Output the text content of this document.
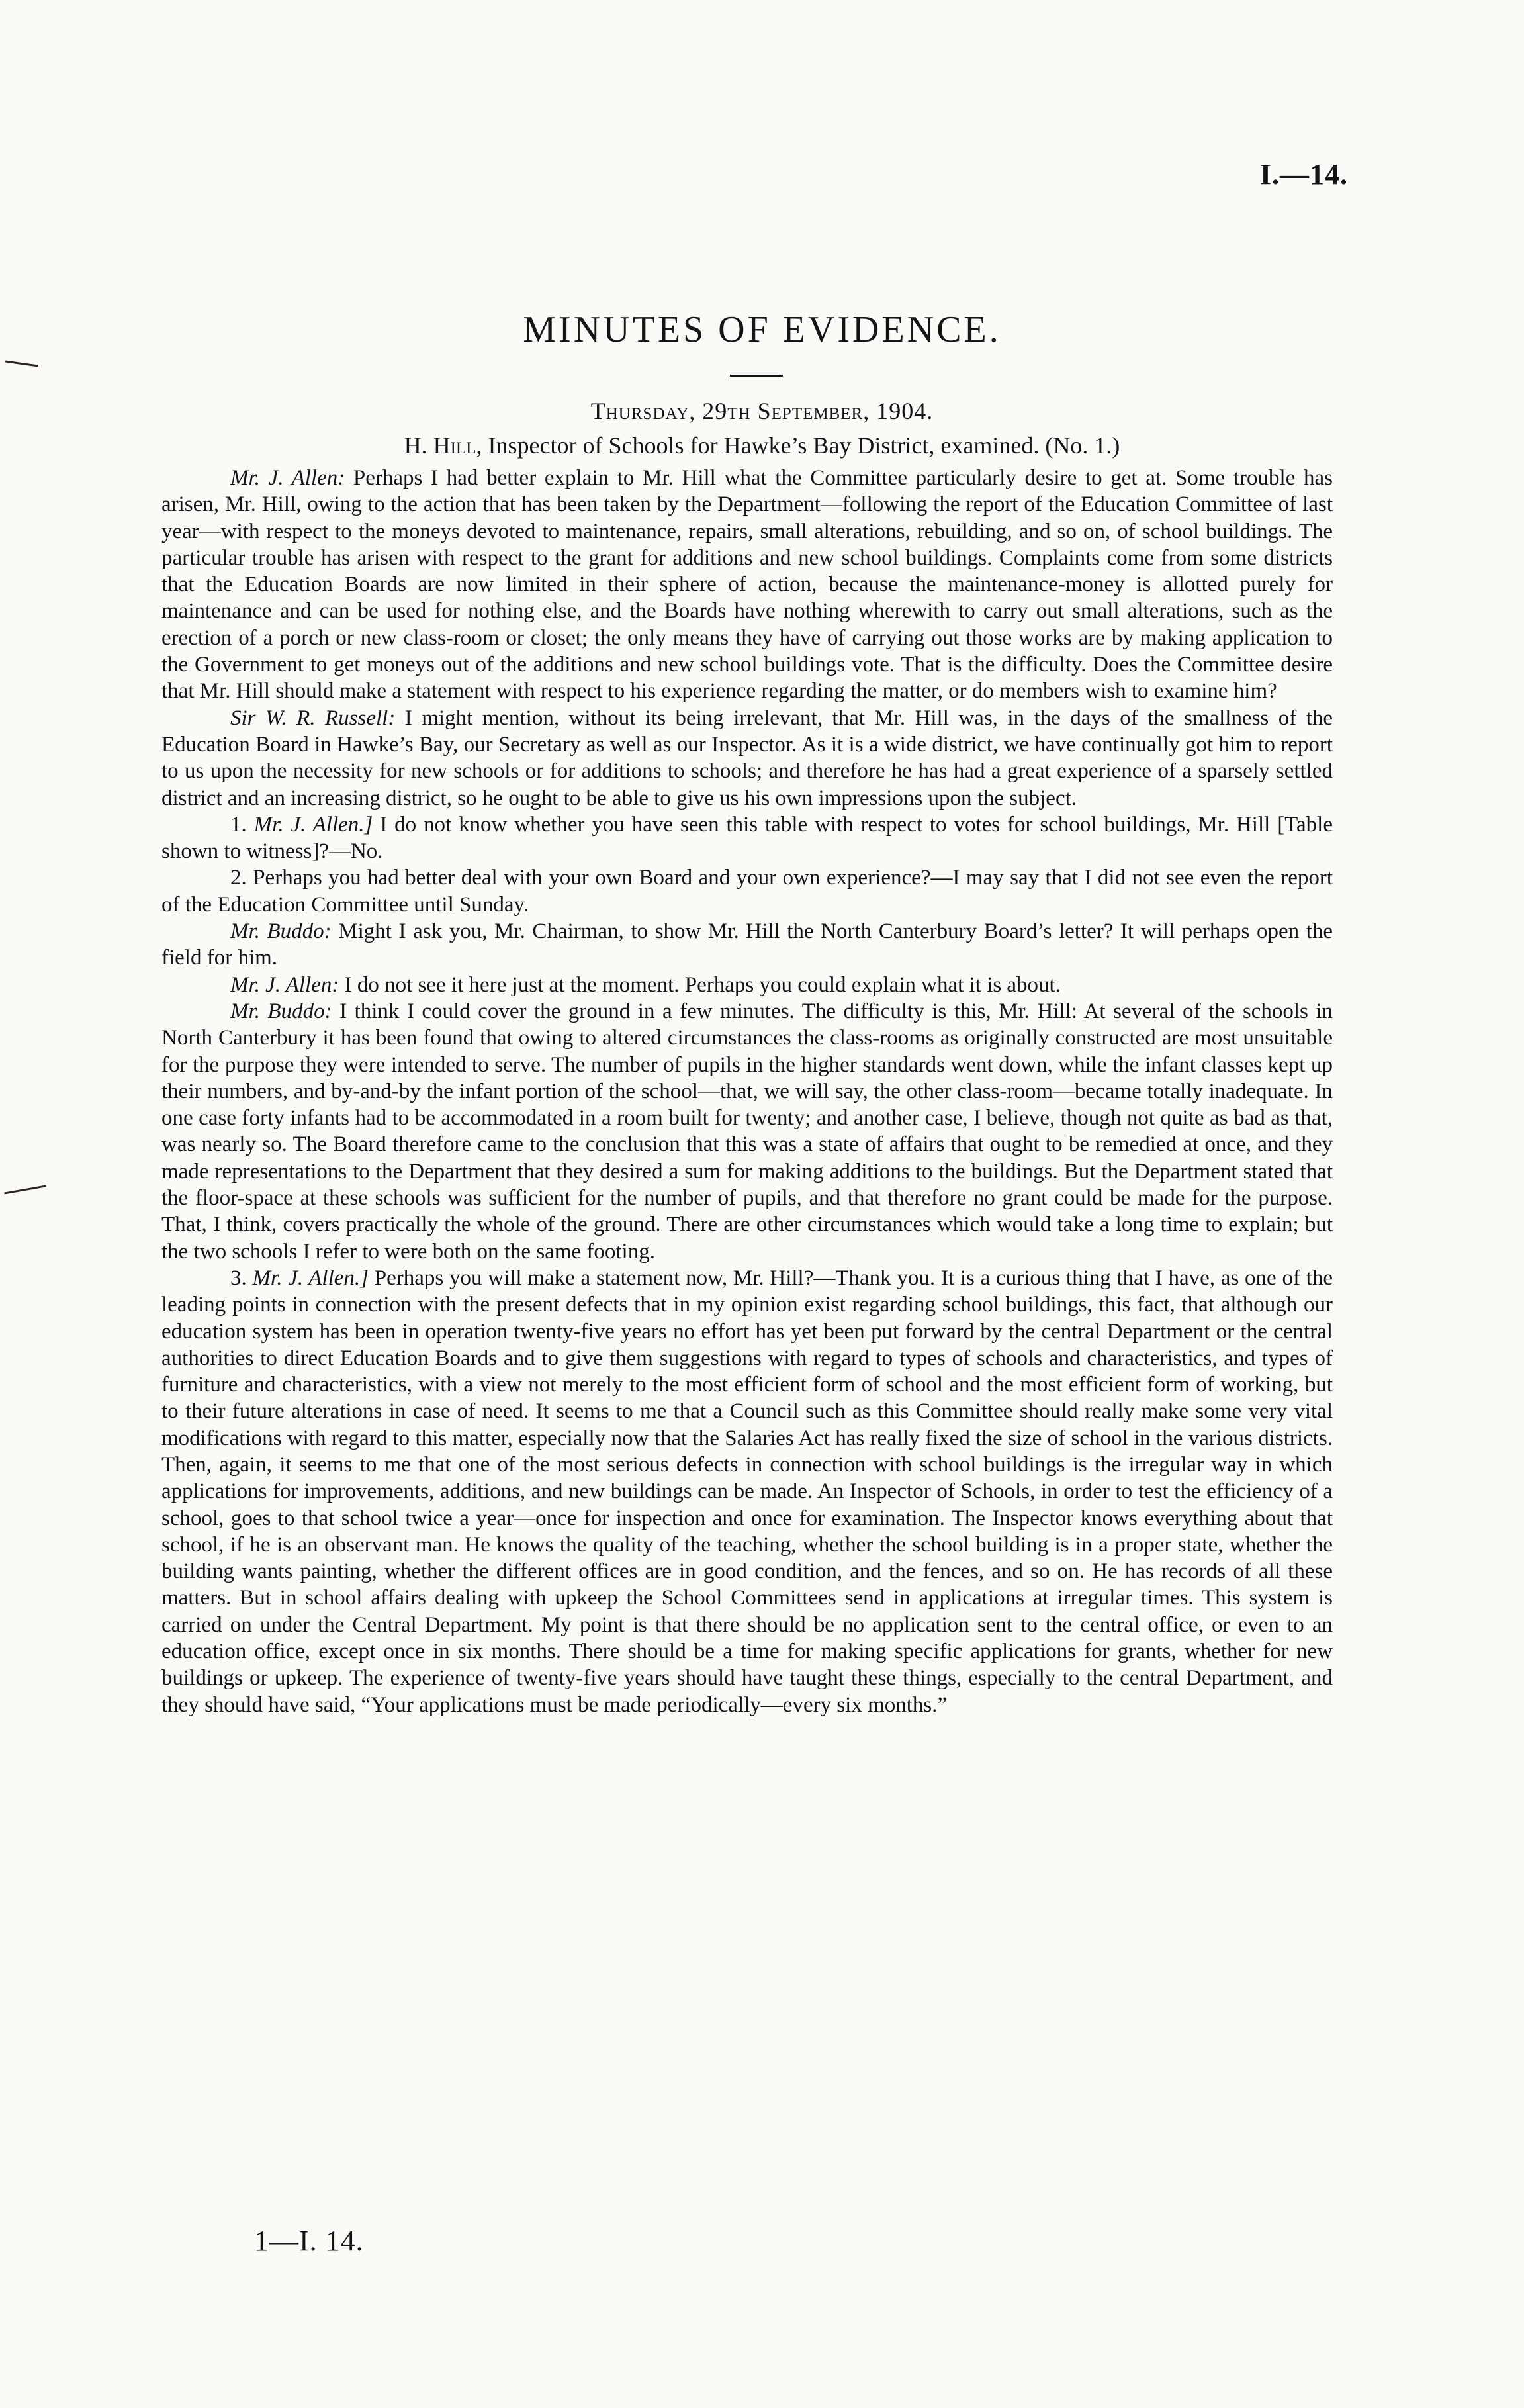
I.—14.
MINUTES OF EVIDENCE.
Thursday, 29th September, 1904.
H. Hill, Inspector of Schools for Hawke’s Bay District, examined. (No. 1.)

Mr. J. Allen: Perhaps I had better explain to Mr. Hill what the Committee particularly desire to get at. Some trouble has arisen, Mr. Hill, owing to the action that has been taken by the Department—following the report of the Education Committee of last year—with respect to the moneys devoted to maintenance, repairs, small alterations, rebuilding, and so on, of school buildings. The particular trouble has arisen with respect to the grant for additions and new school buildings. Complaints come from some districts that the Education Boards are now limited in their sphere of action, because the maintenance-money is allotted purely for maintenance and can be used for nothing else, and the Boards have nothing wherewith to carry out small alterations, such as the erection of a porch or new class-room or closet; the only means they have of carrying out those works are by making application to the Government to get moneys out of the additions and new school buildings vote. That is the difficulty. Does the Committee desire that Mr. Hill should make a statement with respect to his experience regarding the matter, or do members wish to examine him?

Sir W. R. Russell: I might mention, without its being irrelevant, that Mr. Hill was, in the days of the smallness of the Education Board in Hawke’s Bay, our Secretary as well as our Inspector. As it is a wide district, we have continually got him to report to us upon the necessity for new schools or for additions to schools; and therefore he has had a great experience of a sparsely settled district and an increasing district, so he ought to be able to give us his own impressions upon the subject.

1. Mr. J. Allen.] I do not know whether you have seen this table with respect to votes for school buildings, Mr. Hill [Table shown to witness]?—No.

2. Perhaps you had better deal with your own Board and your own experience?—I may say that I did not see even the report of the Education Committee until Sunday.

Mr. Buddo: Might I ask you, Mr. Chairman, to show Mr. Hill the North Canterbury Board’s letter? It will perhaps open the field for him.

Mr. J. Allen: I do not see it here just at the moment. Perhaps you could explain what it is about.

Mr. Buddo: I think I could cover the ground in a few minutes. The difficulty is this, Mr. Hill: At several of the schools in North Canterbury it has been found that owing to altered circumstances the class-rooms as originally constructed are most unsuitable for the purpose they were intended to serve. The number of pupils in the higher standards went down, while the infant classes kept up their numbers, and by-and-by the infant portion of the school—that, we will say, the other class-room—became totally inadequate. In one case forty infants had to be accommodated in a room built for twenty; and another case, I believe, though not quite as bad as that, was nearly so. The Board therefore came to the conclusion that this was a state of affairs that ought to be remedied at once, and they made representations to the Department that they desired a sum for making additions to the buildings. But the Department stated that the floor-space at these schools was sufficient for the number of pupils, and that therefore no grant could be made for the purpose. That, I think, covers practically the whole of the ground. There are other circumstances which would take a long time to explain; but the two schools I refer to were both on the same footing.

3. Mr. J. Allen.] Perhaps you will make a statement now, Mr. Hill?—Thank you. It is a curious thing that I have, as one of the leading points in connection with the present defects that in my opinion exist regarding school buildings, this fact, that although our education system has been in operation twenty-five years no effort has yet been put forward by the central Department or the central authorities to direct Education Boards and to give them suggestions with regard to types of schools and characteristics, and types of furniture and characteristics, with a view not merely to the most efficient form of school and the most efficient form of working, but to their future alterations in case of need. It seems to me that a Council such as this Committee should really make some very vital modifications with regard to this matter, especially now that the Salaries Act has really fixed the size of school in the various districts. Then, again, it seems to me that one of the most serious defects in connection with school buildings is the irregular way in which applications for improvements, additions, and new buildings can be made. An Inspector of Schools, in order to test the efficiency of a school, goes to that school twice a year—once for inspection and once for examination. The Inspector knows everything about that school, if he is an observant man. He knows the quality of the teaching, whether the school building is in a proper state, whether the building wants painting, whether the different offices are in good condition, and the fences, and so on. He has records of all these matters. But in school affairs dealing with upkeep the School Committees send in applications at irregular times. This system is carried on under the Central Department. My point is that there should be no application sent to the central office, or even to an education office, except once in six months. There should be a time for making specific applications for grants, whether for new buildings or upkeep. The experience of twenty-five years should have taught these things, especially to the central Department, and they should have said, “Your applications must be made periodically—every six months.”

1—I. 14.
